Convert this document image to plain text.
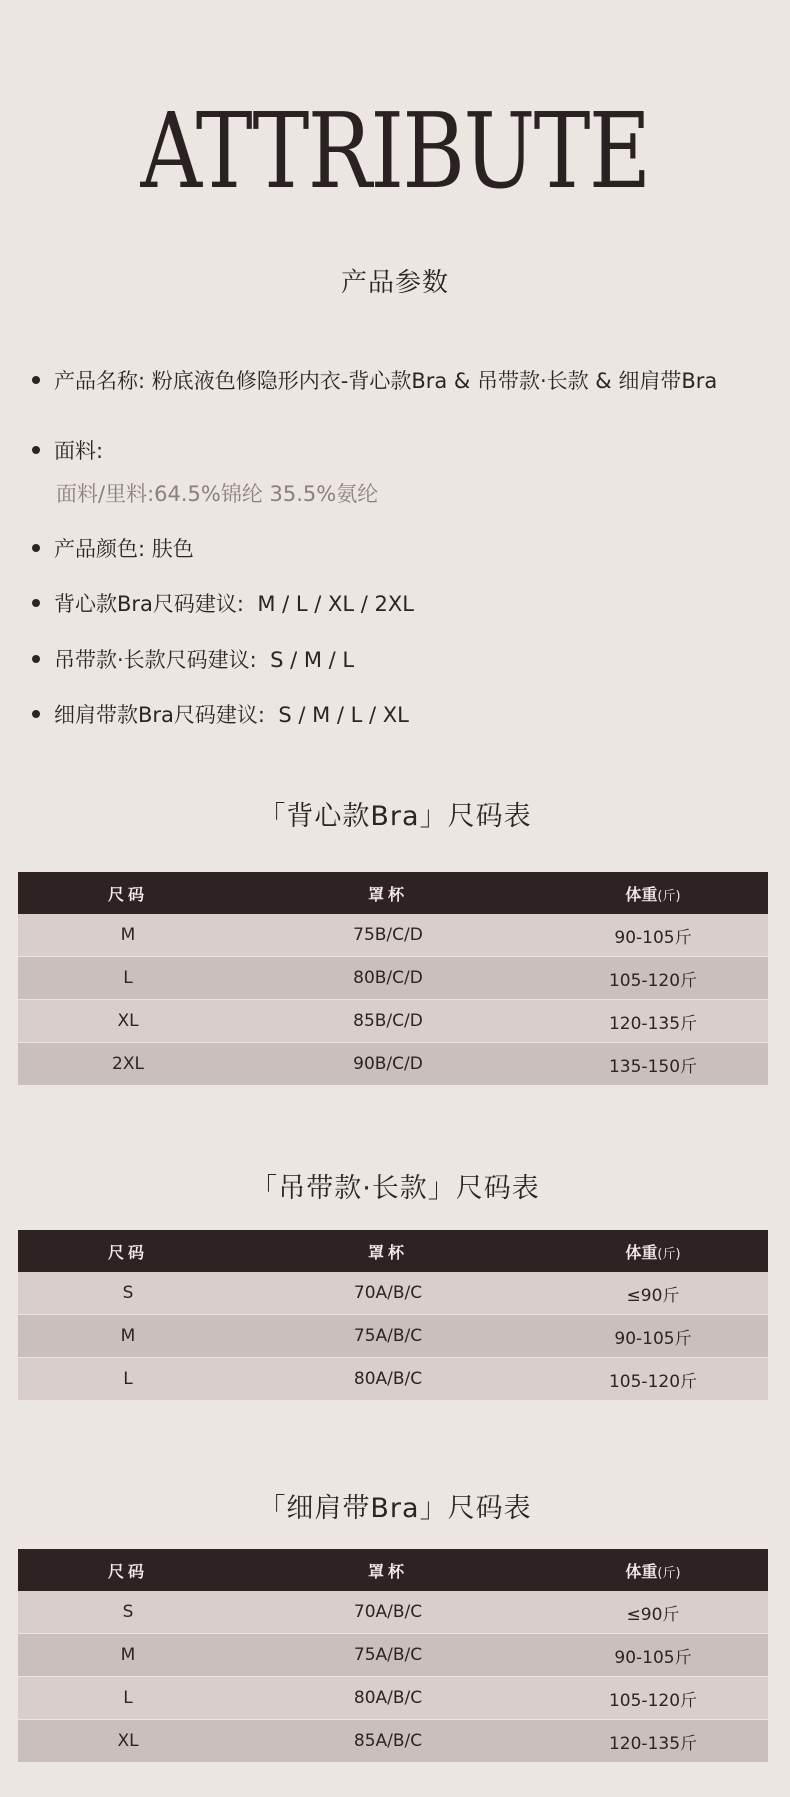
ATTRIBUTE
产品参数
产品名称: 粉底液色修隐形内衣-背心款Bra & 吊带款·长款 & 细肩带Bra
面料:
面料/里料:64.5%锦纶 35.5%氨纶
产品颜色: 肤色
背心款Bra尺码建议:  M / L / XL / 2XL
吊带款·长款尺码建议:  S / M / L
细肩带款Bra尺码建议:  S / M / L / XL
「背心款Bra」尺码表
尺码	罩杯	体重(斤)
M	75B/C/D	90-105斤
L	80B/C/D	105-120斤
XL	85B/C/D	120-135斤
2XL	90B/C/D	135-150斤
「吊带款·长款」尺码表
尺码	罩杯	体重(斤)
S	70A/B/C	≤90斤
M	75A/B/C	90-105斤
L	80A/B/C	105-120斤
「细肩带Bra」尺码表
尺码	罩杯	体重(斤)
S	70A/B/C	≤90斤
M	75A/B/C	90-105斤
L	80A/B/C	105-120斤
XL	85A/B/C	120-135斤
